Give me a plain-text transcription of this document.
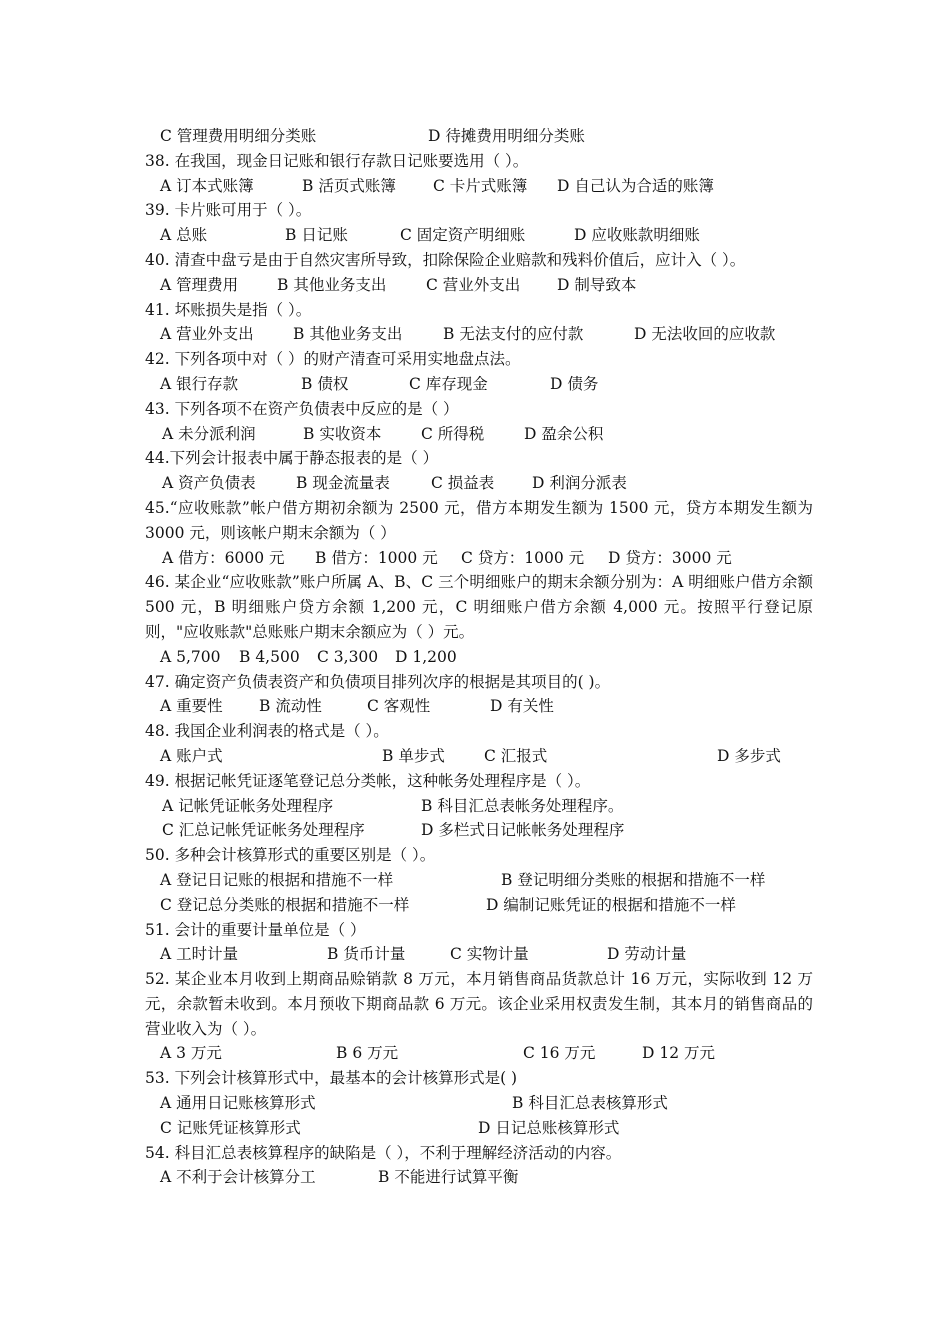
C 管理费用明细分类账	D 待摊费用明细分类账
38. 在我国，现金日记账和银行存款日记账要选用（ ）。
A 订本式账簿	B 活页式账簿 C 卡片式账簿 D 自己认为合适的账簿
39. 卡片账可用于（ ）。
A 总账	B 日记账	C 固定资产明细账	D 应收账款明细账
40. 清查中盘亏是由于自然灾害所导致，扣除保险企业赔款和残料价值后，应计入（ ）。
A 管理费用	B 其他业务支出	C 营业外支出 D 制导致本
41. 坏账损失是指（ ）。
A 营业外支出	B 其他业务支出	B 无法支付的应付款	D 无法收回的应收款
42. 下列各项中对（ ）的财产清查可采用实地盘点法。
A 银行存款	B 债权	C 库存现金	D 债务
43. 下列各项不在资产负债表中反应的是（ ）
A 未分派利润	B 实收资本	C 所得税	D 盈余公积
44.下列会计报表中属于静态报表的是（ ）
A 资产负债表	B 现金流量表	C 损益表 D 利润分派表
45.“应收账款”帐户借方期初余额为 2500 元，借方本期发生额为 1500 元，贷方本期发生额为 3000 元，则该帐户期末余额为（ ）
A 借方：6000 元 B 借方：1000 元 C 贷方：1000 元 D 贷方：3000 元
46. 某企业“应收账款”账户所属 A、B、C 三个明细账户的期末余额分别为：A 明细账户借方余额 500 元，B 明细账户贷方余额 1,200 元，C 明细账户借方余额 4,000 元。按照平行登记原则，"应收账款"总账账户期末余额应为（ ）元。
A 5,700 B 4,500 C 3,300 D 1,200
47. 确定资产负债表资产和负债项目排列次序的根据是其项目的( )。
A 重要性 B 流动性	C 客观性	D 有关性
48. 我国企业利润表的格式是（ ）。
A 账户式	B 单步式	C 汇报式	D 多步式
49. 根据记帐凭证逐笔登记总分类帐，这种帐务处理程序是（ ）。
A 记帐凭证帐务处理程序	B 科目汇总表帐务处理程序。
C 汇总记帐凭证帐务处理程序	D 多栏式日记帐帐务处理程序
50. 多种会计核算形式的重要区别是（ ）。
A 登记日记账的根据和措施不一样	B 登记明细分类账的根据和措施不一样
C 登记总分类账的根据和措施不一样	D 编制记账凭证的根据和措施不一样
51. 会计的重要计量单位是（ ）
A 工时计量	B 货币计量	C 实物计量	D 劳动计量
52. 某企业本月收到上期商品赊销款 8 万元，本月销售商品货款总计 16 万元，实际收到 12 万元，余款暂未收到。本月预收下期商品款 6 万元。该企业采用权责发生制，其本月的销售商品的营业收入为（ ）。
A 3 万元	B 6 万元	C 16 万元	D 12 万元
53. 下列会计核算形式中，最基本的会计核算形式是( )
A 通用日记账核算形式	B 科目汇总表核算形式
C 记账凭证核算形式	D 日记总账核算形式
54. 科目汇总表核算程序的缺陷是（ ），不利于理解经济活动的内容。
A 不利于会计核算分工	B 不能进行试算平衡
